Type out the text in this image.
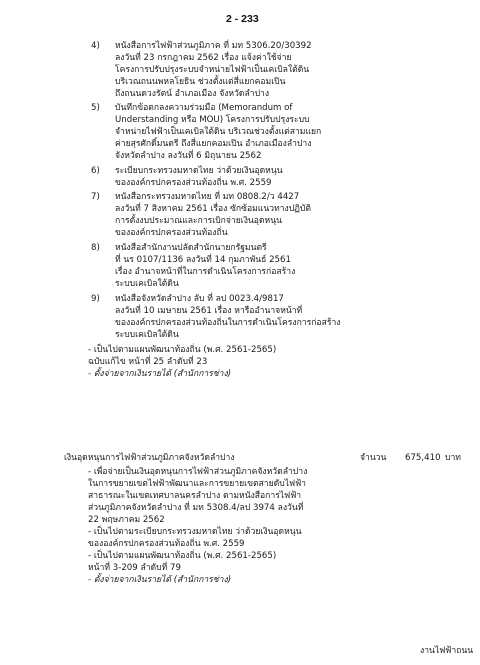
2 - 233
4)	หนังสือการไฟฟ้าส่วนภูมิภาค ที่ มท 5306.20/30392
ลงวันที่ 23 กรกฎาคม 2562 เรื่อง แจ้งค่าใช้จ่าย
โครงการปรับปรุงระบบจำหน่ายไฟฟ้าเป็นเคเบิลใต้ดิน
บริเวณถนนพหลโยธิน ช่วงตั้งแต่สี่แยกคอมเปิน
ถึงถนนดวงรัตน์ อำเภอเมือง จังหวัดลำปาง
5)	บันทึกข้อตกลงความร่วมมือ (Memorandum of
Understanding หรือ MOU) โครงการปรับปรุงระบบ
จำหน่ายไฟฟ้าเป็นเคเบิลใต้ดิน บริเวณช่วงตั้งแต่สามแยก
ค่ายสุรศักดิ์มนตรี ถึงสี่แยกคอมเปิน อำเภอเมืองลำปาง
จังหวัดลำปาง ลงวันที่ 6 มิถุนายน 2562
6)	ระเบียบกระทรวงมหาดไทย ว่าด้วยเงินอุดหนุน
ขององค์กรปกครองส่วนท้องถิ่น พ.ศ. 2559
7)	หนังสือกระทรวงมหาดไทย ที่ มท 0808.2/ว 4427
ลงวันที่ 7 สิงหาคม 2561 เรื่อง ซักซ้อมแนวทางปฏิบัติ
การตั้งงบประมาณและการเบิกจ่ายเงินอุดหนุน
ขององค์กรปกครองส่วนท้องถิ่น
8)	หนังสือสำนักงานปลัดสำนักนายกรัฐมนตรี
ที่ นร 0107/1136 ลงวันที่ 14 กุมภาพันธ์ 2561
เรื่อง อำนาจหน้าที่ในการดำเนินโครงการก่อสร้าง
ระบบเคเบิลใต้ดิน
9)	หนังสือจังหวัดลำปาง ลับ ที่ ลป 0023.4/9817
ลงวันที่ 10 เมษายน 2561 เรื่อง หารืออำนาจหน้าที่
ขององค์กรปกครองส่วนท้องถิ่นในการดำเนินโครงการก่อสร้าง
ระบบเคเบิลใต้ดิน
- เป็นไปตามแผนพัฒนาท้องถิ่น (พ.ศ. 2561-2565)
ฉบับแก้ไข หน้าที่ 25 ลำดับที่ 23
- ตั้งจ่ายจากเงินรายได้ (สำนักการช่าง)
เงินอุดหนุนการไฟฟ้าส่วนภูมิภาคจังหวัดลำปาง	จำนวน 675,410 บาท
- เพื่อจ่ายเป็นเงินอุดหนุนการไฟฟ้าส่วนภูมิภาคจังหวัดลำปาง
ในการขยายเขตไฟฟ้าพัฒนาและการขยายเขตสายดับไฟฟ้า
สาธารณะในเขตเทศบาลนครลำปาง ตามหนังสือการไฟฟ้า
ส่วนภูมิภาคจังหวัดลำปาง ที่ มท 5308.4/ลป 3974 ลงวันที่
22 พฤษภาคม 2562
- เป็นไปตามระเบียบกระทรวงมหาดไทย ว่าด้วยเงินอุดหนุน
ขององค์กรปกครองส่วนท้องถิ่น พ.ศ. 2559
- เป็นไปตามแผนพัฒนาท้องถิ่น (พ.ศ. 2561-2565)
หน้าที่ 3-209 ลำดับที่ 79
- ตั้งจ่ายจากเงินรายได้ (สำนักการช่าง)
งานไฟฟ้าถนน
